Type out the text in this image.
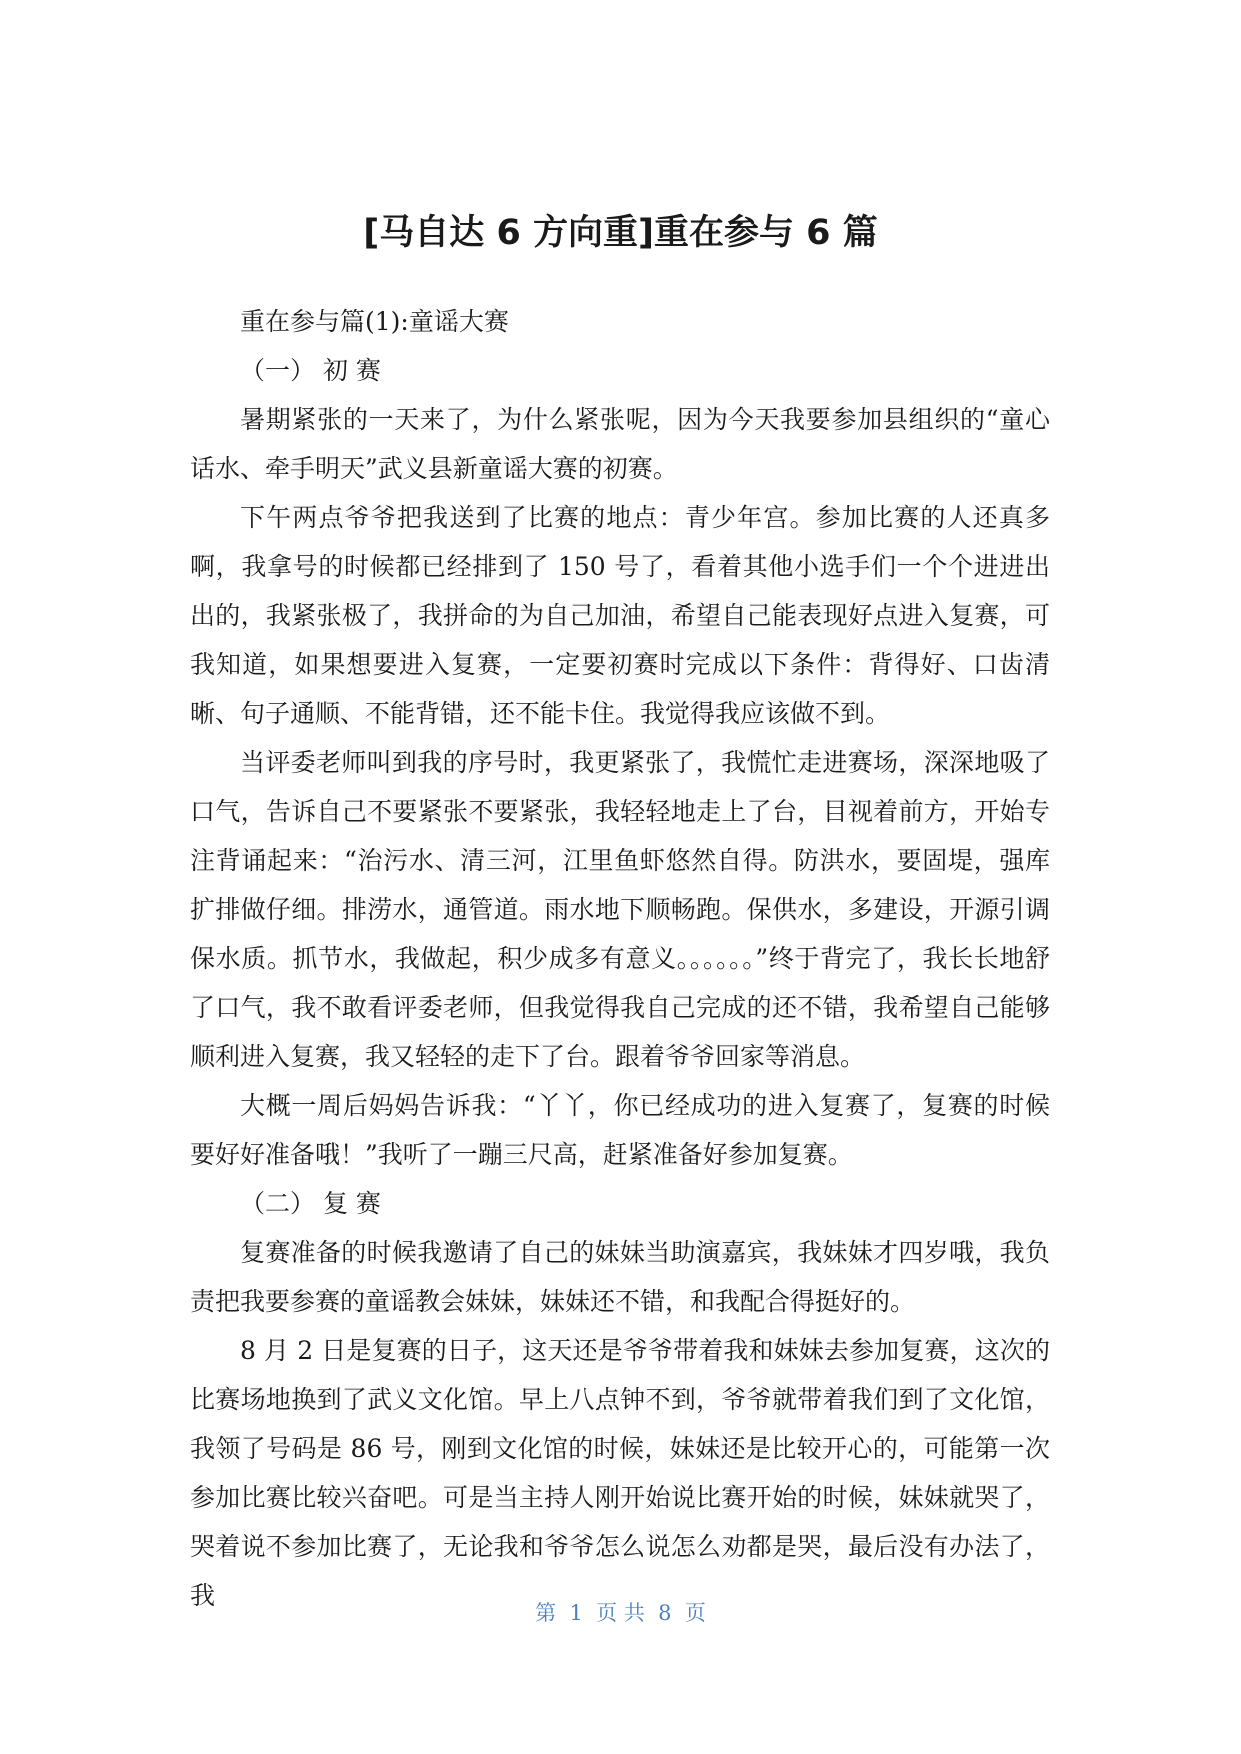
[马自达 6 方向重]重在参与 6 篇

重在参与篇(1):童谣大赛

（一） 初 赛

暑期紧张的一天来了，为什么紧张呢，因为今天我要参加县组织的“童心话水、牵手明天”武义县新童谣大赛的初赛。

下午两点爷爷把我送到了比赛的地点：青少年宫。参加比赛的人还真多啊，我拿号的时候都已经排到了 150 号了，看着其他小选手们一个个进进出出的，我紧张极了，我拼命的为自己加油，希望自己能表现好点进入复赛，可我知道，如果想要进入复赛，一定要初赛时完成以下条件：背得好、口齿清晰、句子通顺、不能背错，还不能卡住。我觉得我应该做不到。

当评委老师叫到我的序号时，我更紧张了，我慌忙走进赛场，深深地吸了口气，告诉自己不要紧张不要紧张，我轻轻地走上了台，目视着前方，开始专注背诵起来：“治污水、清三河，江里鱼虾悠然自得。防洪水，要固堤，强库扩排做仔细。排涝水，通管道。雨水地下顺畅跑。保供水，多建设，开源引调保水质。抓节水，我做起，积少成多有意义。。。。。。”终于背完了，我长长地舒了口气，我不敢看评委老师，但我觉得我自己完成的还不错，我希望自己能够顺利进入复赛，我又轻轻的走下了台。跟着爷爷回家等消息。

大概一周后妈妈告诉我：“丫丫，你已经成功的进入复赛了，复赛的时候要好好准备哦！”我听了一蹦三尺高，赶紧准备好参加复赛。

（二） 复 赛

复赛准备的时候我邀请了自己的妹妹当助演嘉宾，我妹妹才四岁哦，我负责把我要参赛的童谣教会妹妹，妹妹还不错，和我配合得挺好的。

8 月 2 日是复赛的日子，这天还是爷爷带着我和妹妹去参加复赛，这次的比赛场地换到了武义文化馆。早上八点钟不到，爷爷就带着我们到了文化馆，我领了号码是 86 号，刚到文化馆的时候，妹妹还是比较开心的，可能第一次参加比赛比较兴奋吧。可是当主持人刚开始说比赛开始的时候，妹妹就哭了，哭着说不参加比赛了，无论我和爷爷怎么说怎么劝都是哭，最后没有办法了，我

第  1  页 共  8  页
